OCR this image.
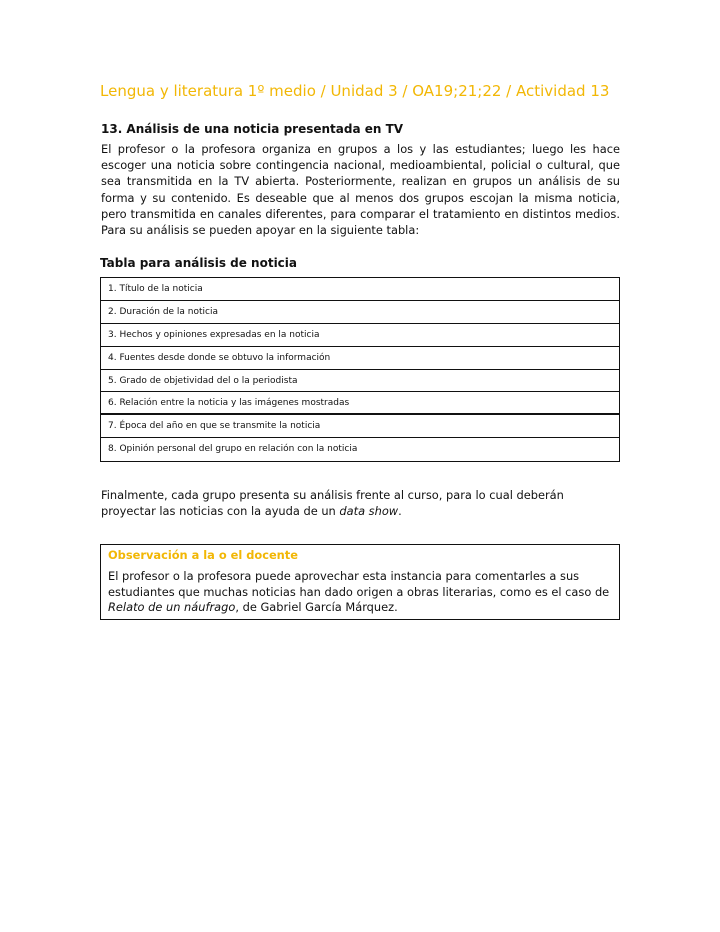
Lengua y literatura 1º medio / Unidad 3 / OA19;21;22 / Actividad 13
13. Análisis de una noticia presentada en TV

El profesor o la profesora organiza en grupos a los y las estudiantes; luego les hace escoger una noticia sobre contingencia nacional, medioambiental, policial o cultural, que sea transmitida en la TV abierta. Posteriormente, realizan en grupos un análisis de su forma y su contenido. Es deseable que al menos dos grupos escojan la misma noticia, pero transmitida en canales diferentes, para comparar el tratamiento en distintos medios. Para su análisis se pueden apoyar en la siguiente tabla:

Tabla para análisis de noticia
1. Título de la noticia
2. Duración de la noticia
3. Hechos y opiniones expresadas en la noticia
4. Fuentes desde donde se obtuvo la información
5. Grado de objetividad del o la periodista
6. Relación entre la noticia y las imágenes mostradas
7. Época del año en que se transmite la noticia
8. Opinión personal del grupo en relación con la noticia

Finalmente, cada grupo presenta su análisis frente al curso, para lo cual deberán proyectar las noticias con la ayuda de un data show.

Observación a la o el docente
El profesor o la profesora puede aprovechar esta instancia para comentarles a sus estudiantes que muchas noticias han dado origen a obras literarias, como es el caso de Relato de un náufrago, de Gabriel García Márquez.
